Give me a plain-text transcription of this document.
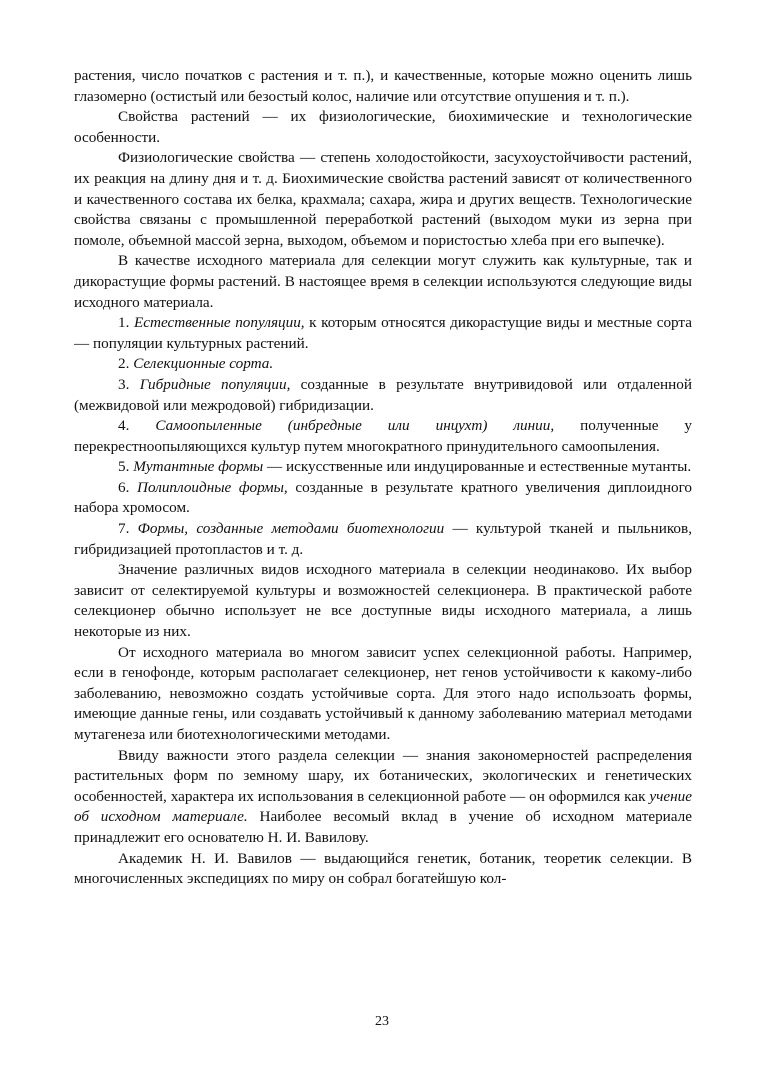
растения, число початков с растения и т. п.), и качественные, которые можно оценить лишь глазомерно (остистый или безостый колос, наличие или отсутствие опушения и т. п.).

Свойства растений — их физиологические, биохимические и технологические особенности.

Физиологические свойства — степень холодостойкости, засухоустойчивости растений, их реакция на длину дня и т. д. Биохимические свойства растений зависят от количественного и качественного состава их белка, крахмала; сахара, жира и других веществ. Технологические свойства связаны с промышленной переработкой растений (выходом муки из зерна при помоле, объемной массой зерна, выходом, объемом и пористостью хлеба при его выпечке).

В качестве исходного материала для селекции могут служить как культурные, так и дикорастущие формы растений. В настоящее время в селекции используются следующие виды исходного материала.

1. Естественные популяции, к которым относятся дикорастущие виды и местные сорта — популяции культурных растений.

2. Селекционные сорта.

3. Гибридные популяции, созданные в результате внутривидовой или отдаленной (межвидовой или межродовой) гибридизации.

4. Самоопыленные (инбредные или инцухт) линии, полученные у перекрестноопыляющихся культур путем многократного принудительного самоопыления.

5. Мутантные формы — искусственные или индуцированные и естественные мутанты.

6. Полиплоидные формы, созданные в результате кратного увеличения диплоидного набора хромосом.

7. Формы, созданные методами биотехнологии — культурой тканей и пыльников, гибридизацией протопластов и т. д.

Значение различных видов исходного материала в селекции неодинаково. Их выбор зависит от селектируемой культуры и возможностей селекционера. В практической работе селекционер обычно использует не все доступные виды исходного материала, а лишь некоторые из них.

От исходного материала во многом зависит успех селекционной работы. Например, если в генофонде, которым располагает селекционер, нет генов устойчивости к какому-либо заболеванию, невозможно создать устойчивые сорта. Для этого надо использоать формы, имеющие данные гены, или создавать устойчивый к данному заболеванию материал методами мутагенеза или биотехнологическими методами.

Ввиду важности этого раздела селекции — знания закономерностей распределения растительных форм по земному шару, их ботанических, экологических и генетических особенностей, характера их использования в селекционной работе — он оформился как учение об исходном материале. Наиболее весомый вклад в учение об исходном материале принадлежит его основателю Н. И. Вавилову.

Академик Н. И. Вавилов — выдающийся генетик, ботаник, теоретик селекции. В многочисленных экспедициях по миру он собрал богатейшую кол-

23
